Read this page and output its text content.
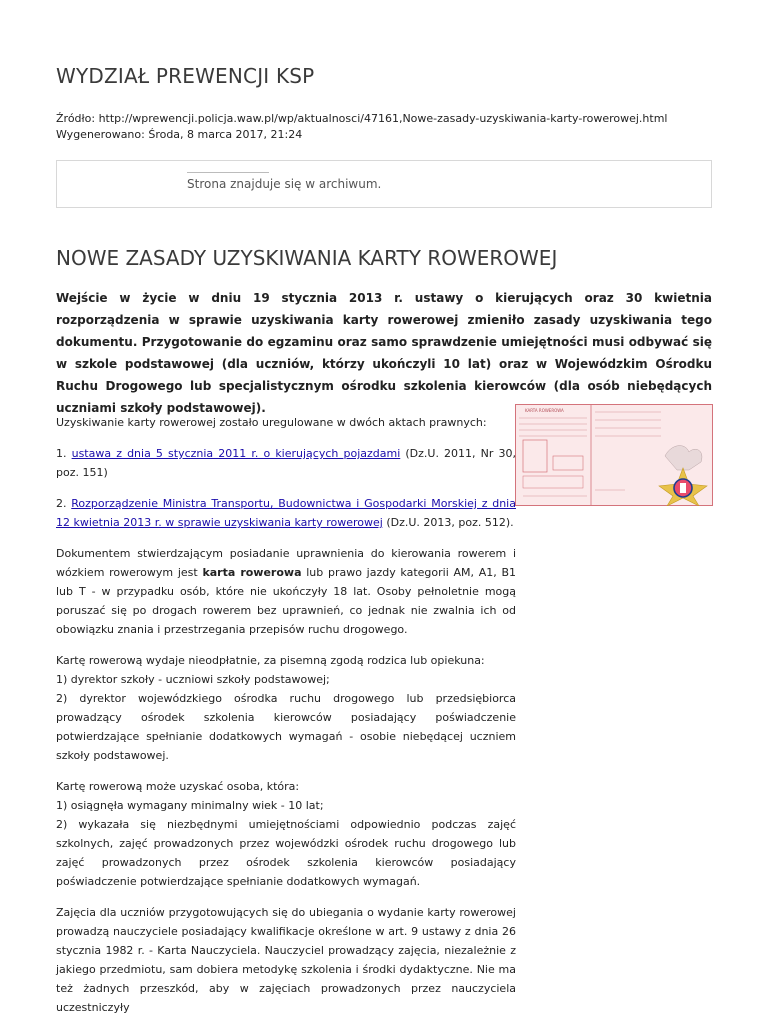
WYDZIAŁ PREWENCJI KSP
Źródło: http://wprewencji.policja.waw.pl/wp/aktualnosci/47161,Nowe-zasady-uzyskiwania-karty-rowerowej.html
Wygenerowano: Środa, 8 marca 2017, 21:24
Strona znajduje się w archiwum.
NOWE ZASADY UZYSKIWANIA KARTY ROWEROWEJ

Wejście w życie w dniu 19 stycznia 2013 r. ustawy o kierujących oraz 30 kwietnia rozporządzenia w sprawie uzyskiwania karty rowerowej zmieniło zasady uzyskiwania tego dokumentu. Przygotowanie do egzaminu oraz samo sprawdzenie umiejętności musi odbywać się w szkole podstawowej (dla uczniów, którzy ukończyli 10 lat) oraz w Wojewódzkim Ośrodku Ruchu Drogowego lub specjalistycznym ośrodku szkolenia kierowców (dla osób niebędących uczniami szkoły podstawowej).

Uzyskiwanie karty rowerowej zostało uregulowane w dwóch aktach prawnych:

1. ustawa z dnia 5 stycznia 2011 r. o kierujących pojazdami (Dz.U. 2011, Nr 30, poz. 151)

2. Rozporządzenie Ministra Transportu, Budownictwa i Gospodarki Morskiej z dnia 12 kwietnia 2013 r. w sprawie uzyskiwania karty rowerowej (Dz.U. 2013, poz. 512).

Dokumentem stwierdzającym posiadanie uprawnienia do kierowania rowerem i wózkiem rowerowym jest karta rowerowa lub prawo jazdy kategorii AM, A1, B1 lub T - w przypadku osób, które nie ukończyły 18 lat. Osoby pełnoletnie mogą poruszać się po drogach rowerem bez uprawnień, co jednak nie zwalnia ich od obowiązku znania i przestrzegania przepisów ruchu drogowego.

Kartę rowerową wydaje nieodpłatnie, za pisemną zgodą rodzica lub opiekuna:
1) dyrektor szkoły - uczniowi szkoły podstawowej;
2) dyrektor wojewódzkiego ośrodka ruchu drogowego lub przedsiębiorca prowadzący ośrodek szkolenia kierowców posiadający poświadczenie potwierdzające spełnianie dodatkowych wymagań - osobie niebędącej uczniem szkoły podstawowej.

Kartę rowerową może uzyskać osoba, która:
1) osiągnęła wymagany minimalny wiek - 10 lat;
2) wykazała się niezbędnymi umiejętnościami odpowiednio podczas zajęć szkolnych, zajęć prowadzonych przez wojewódzki ośrodek ruchu drogowego lub zajęć prowadzonych przez ośrodek szkolenia kierowców posiadający poświadczenie potwierdzające spełnianie dodatkowych wymagań.

Zajęcia dla uczniów przygotowujących się do ubiegania o wydanie karty rowerowej prowadzą nauczyciele posiadający kwalifikacje określone w art. 9 ustawy z dnia 26 stycznia 1982 r. - Karta Nauczyciela. Nauczyciel prowadzący zajęcia, niezależnie z jakiego przedmiotu, sam dobiera metodykę szkolenia i środki dydaktyczne. Nie ma też żadnych przeszkód, aby w zajęciach prowadzonych przez nauczyciela uczestniczyły

KARTA ROWEROWA
